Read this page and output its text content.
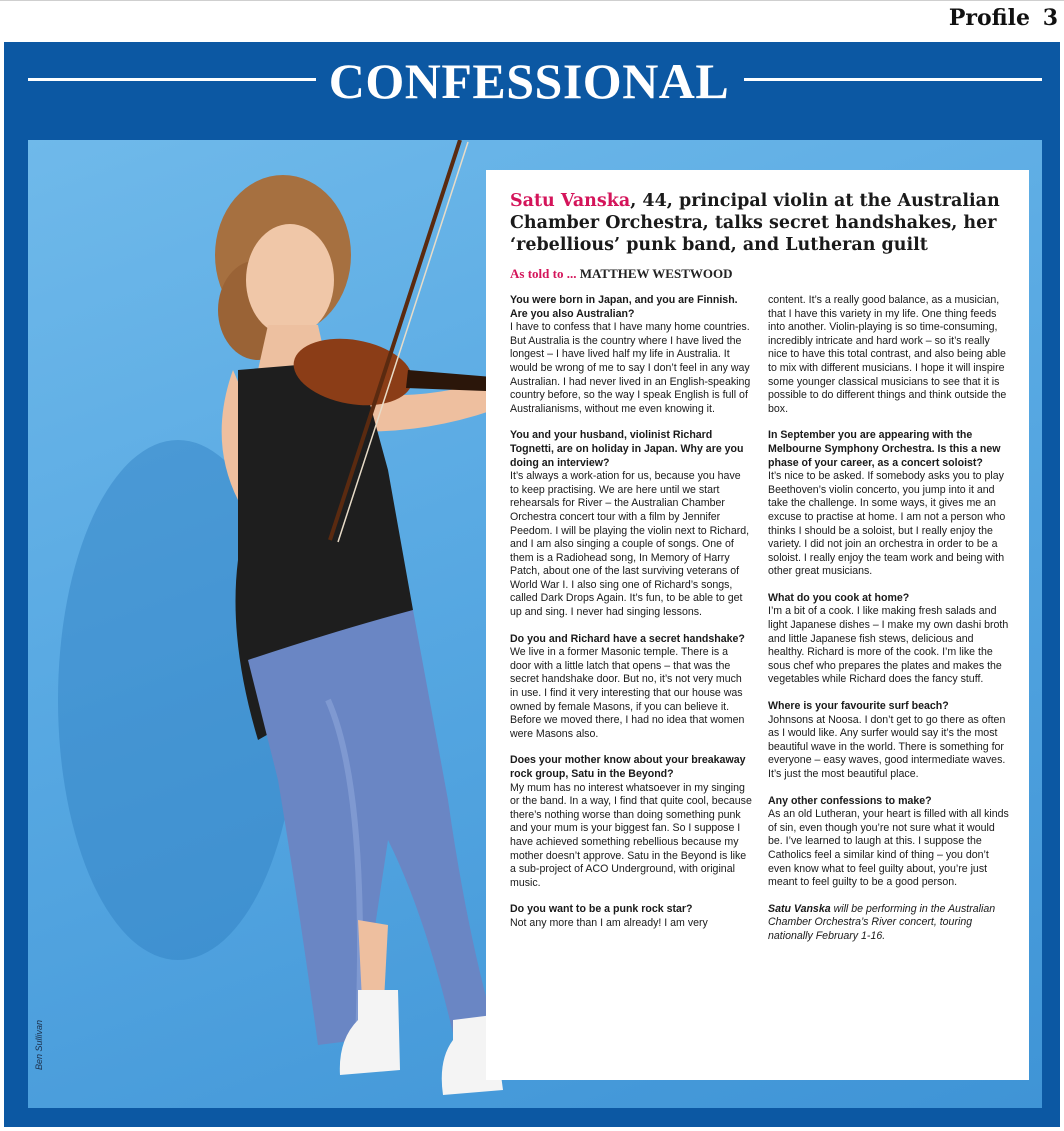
Profile 3
CONFESSIONAL
Ben Sullivan
Satu Vanska, 44, principal violin at the Australian Chamber Orchestra, talks secret handshakes, her ‘rebellious’ punk band, and Lutheran guilt
As told to ... MATTHEW WESTWOOD
You were born in Japan, and you are Finnish. Are you also Australian?
I have to confess that I have many home countries. But Australia is the country where I have lived the longest – I have lived half my life in Australia. It would be wrong of me to say I don’t feel in any way Australian. I had never lived in an English-speaking country before, so the way I speak English is full of Australianisms, without me even knowing it.
You and your husband, violinist Richard Tognetti, are on holiday in Japan. Why are you doing an interview?
It’s always a work-ation for us, because you have to keep practising. We are here until we start rehearsals for River – the Australian Chamber Orchestra concert tour with a film by Jennifer Peedom. I will be playing the violin next to Richard, and I am also singing a couple of songs. One of them is a Radiohead song, In Memory of Harry Patch, about one of the last surviving veterans of World War I. I also sing one of Richard’s songs, called Dark Drops Again. It’s fun, to be able to get up and sing. I never had singing lessons.
Do you and Richard have a secret handshake?
We live in a former Masonic temple. There is a door with a little latch that opens – that was the secret handshake door. But no, it’s not very much in use. I find it very interesting that our house was owned by female Masons, if you can believe it. Before we moved there, I had no idea that women were Masons also.
Does your mother know about your breakaway rock group, Satu in the Beyond?
My mum has no interest whatsoever in my singing or the band. In a way, I find that quite cool, because there’s nothing worse than doing something punk and your mum is your biggest fan. So I suppose I have achieved something rebellious because my mother doesn’t approve. Satu in the Beyond is like a sub-project of ACO Underground, with original music.
Do you want to be a punk rock star?
Not any more than I am already! I am very
content. It’s a really good balance, as a musician, that I have this variety in my life. One thing feeds into another. Violin-playing is so time-consuming, incredibly intricate and hard work – so it’s really nice to have this total contrast, and also being able to mix with different musicians. I hope it will inspire some younger classical musicians to see that it is possible to do different things and think outside the box.
In September you are appearing with the Melbourne Symphony Orchestra. Is this a new phase of your career, as a concert soloist?
It’s nice to be asked. If somebody asks you to play Beethoven’s violin concerto, you jump into it and take the challenge. In some ways, it gives me an excuse to practise at home. I am not a person who thinks I should be a soloist, but I really enjoy the variety. I did not join an orchestra in order to be a soloist. I really enjoy the team work and being with other great musicians.
What do you cook at home?
I’m a bit of a cook. I like making fresh salads and light Japanese dishes – I make my own dashi broth and little Japanese fish stews, delicious and healthy. Richard is more of the cook. I’m like the sous chef who prepares the plates and makes the vegetables while Richard does the fancy stuff.
Where is your favourite surf beach?
Johnsons at Noosa. I don’t get to go there as often as I would like. Any surfer would say it’s the most beautiful wave in the world. There is something for everyone – easy waves, good intermediate waves. It’s just the most beautiful place.
Any other confessions to make?
As an old Lutheran, your heart is filled with all kinds of sin, even though you’re not sure what it would be. I’ve learned to laugh at this. I suppose the Catholics feel a similar kind of thing – you don’t even know what to feel guilty about, you’re just meant to feel guilty to be a good person.
Satu Vanska will be performing in the Australian Chamber Orchestra’s River concert, touring nationally February 1-16.
